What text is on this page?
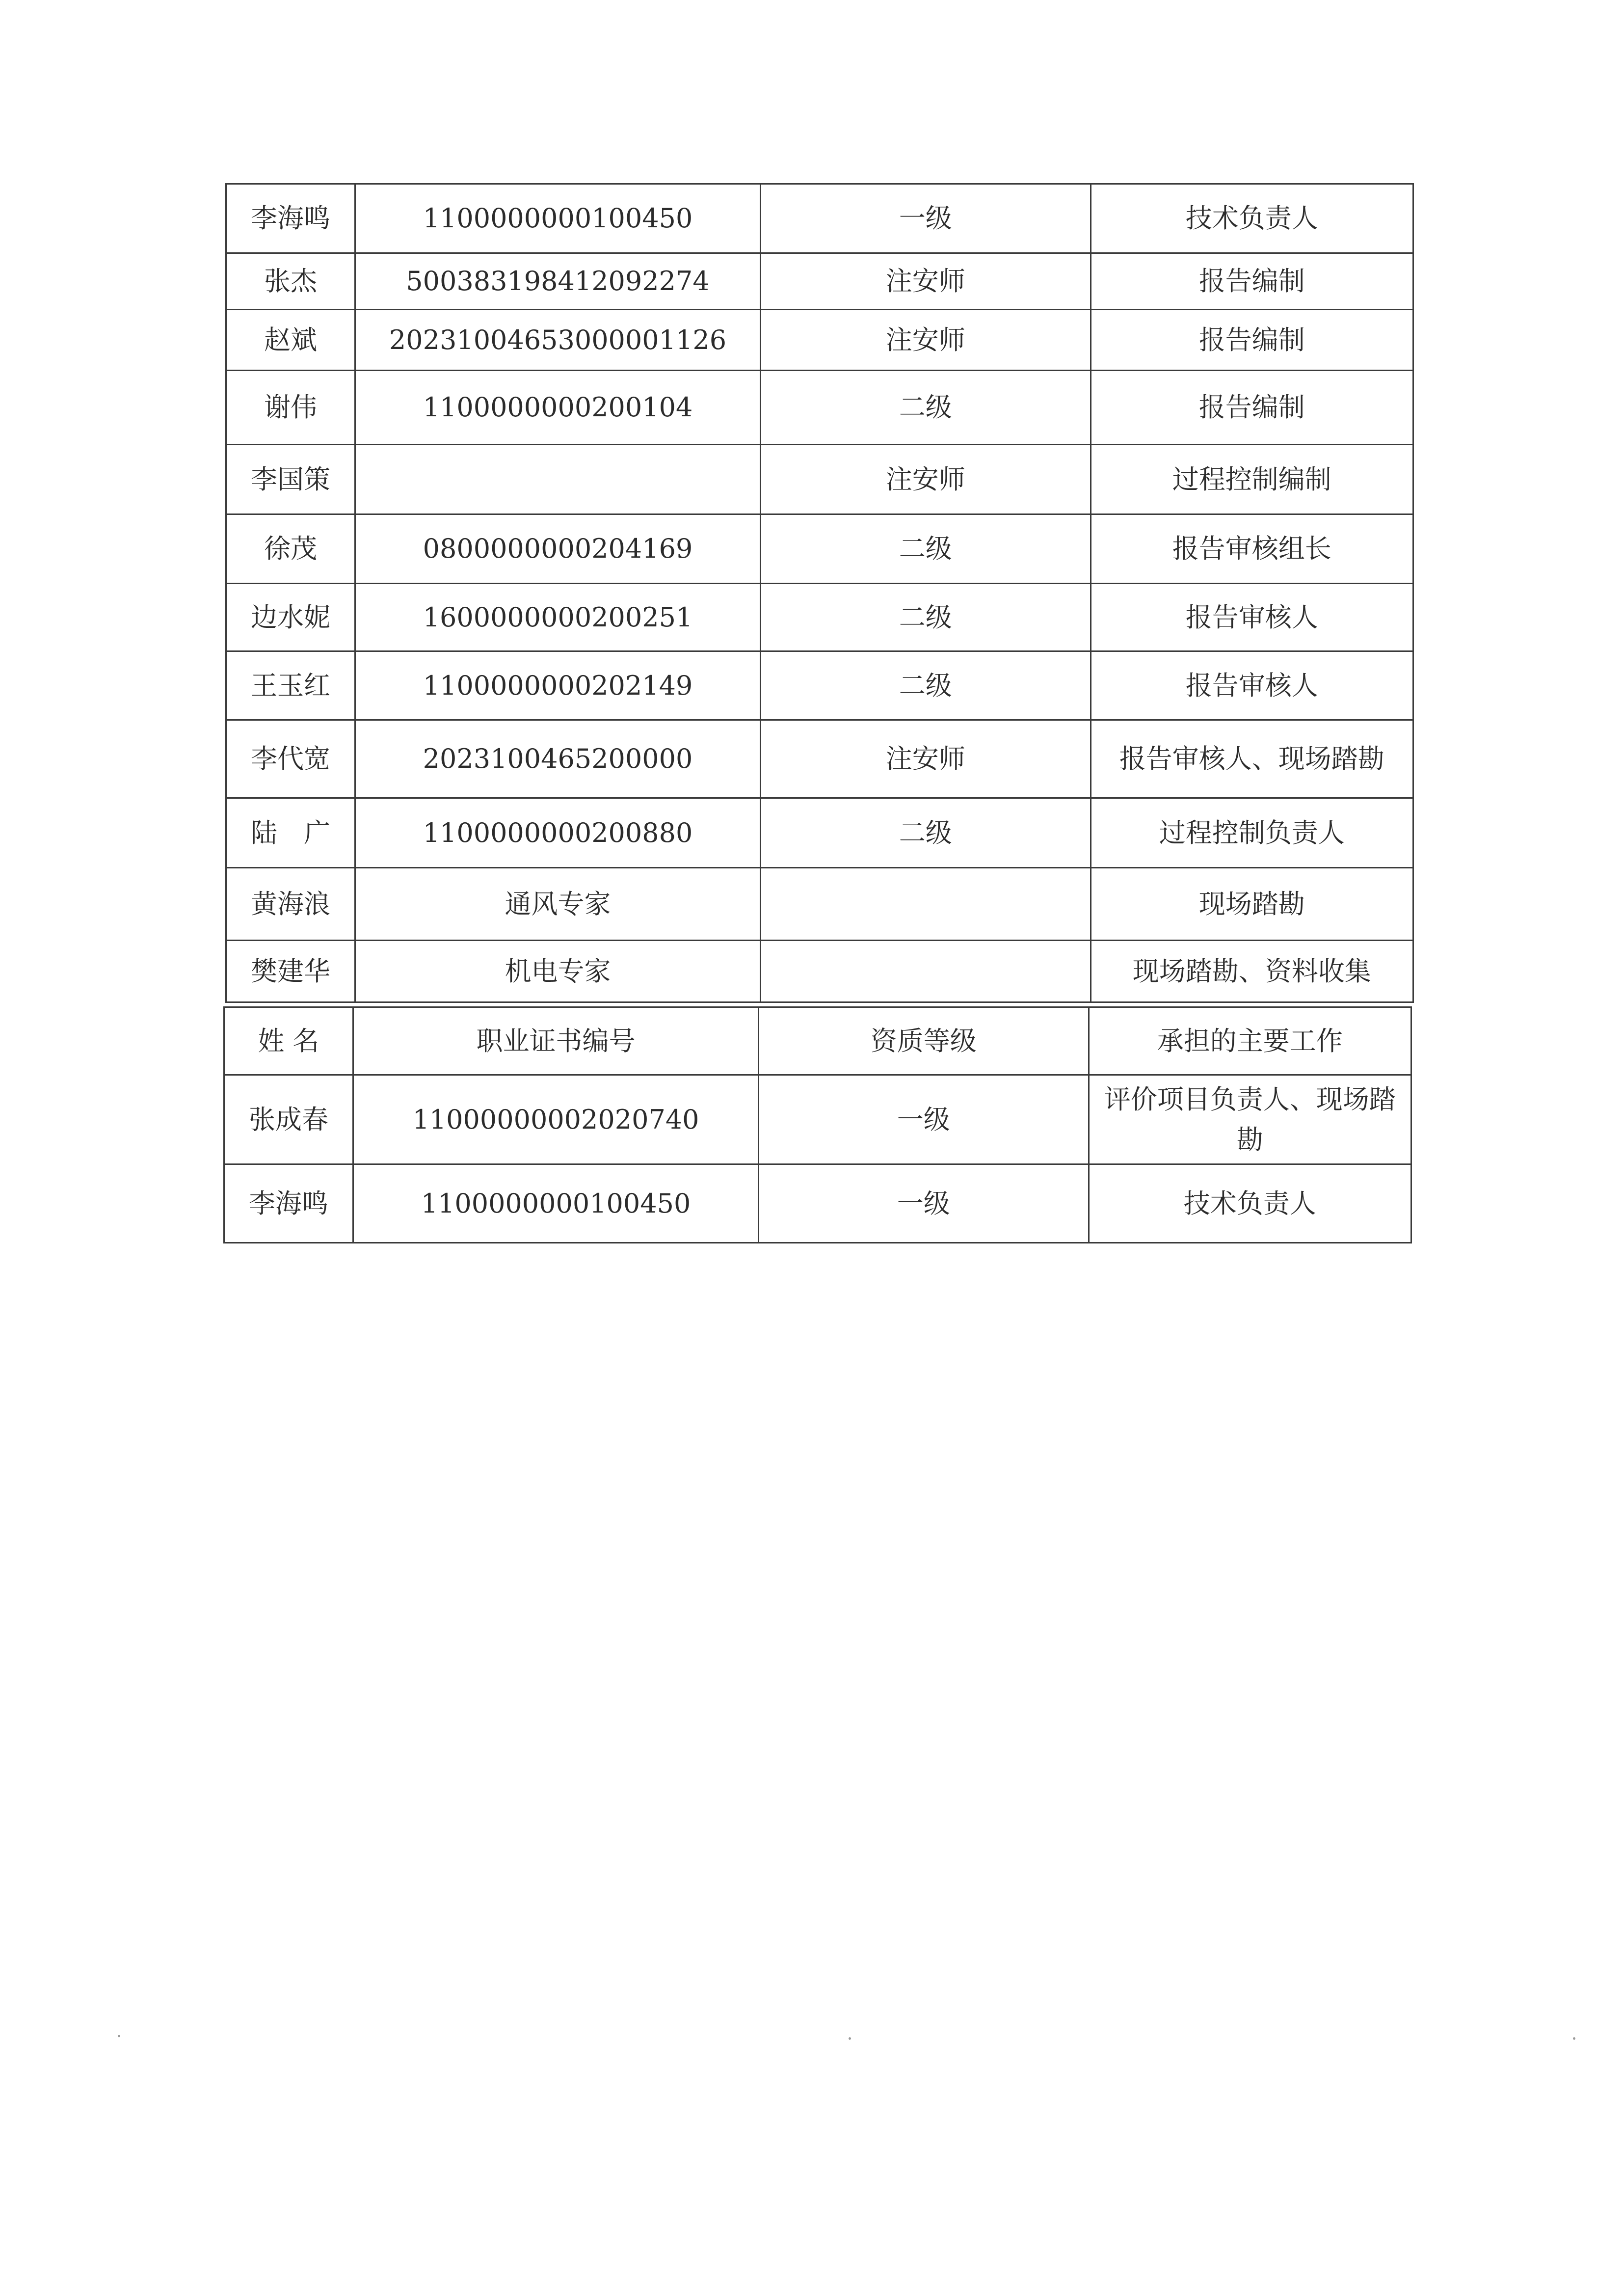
李海鸣	1100000000100450	一级	技术负责人
张杰	500383198412092274	注安师	报告编制
赵斌	20231004653000001126	注安师	报告编制
谢伟	1100000000200104	二级	报告编制
李国策		注安师	过程控制编制
徐茂	0800000000204169	二级	报告审核组长
边水妮	1600000000200251	二级	报告审核人
王玉红	1100000000202149	二级	报告审核人
李代宽	2023100465200000	注安师	报告审核人、现场踏勘
陆　广	1100000000200880	二级	过程控制负责人
黄海浪	通风专家		现场踏勘
樊建华	机电专家		现场踏勘、资料收集
姓 名	职业证书编号	资质等级	承担的主要工作
张成春	11000000002020740	一级	评价项目负责人、现场踏勘
李海鸣	1100000000100450	一级	技术负责人
